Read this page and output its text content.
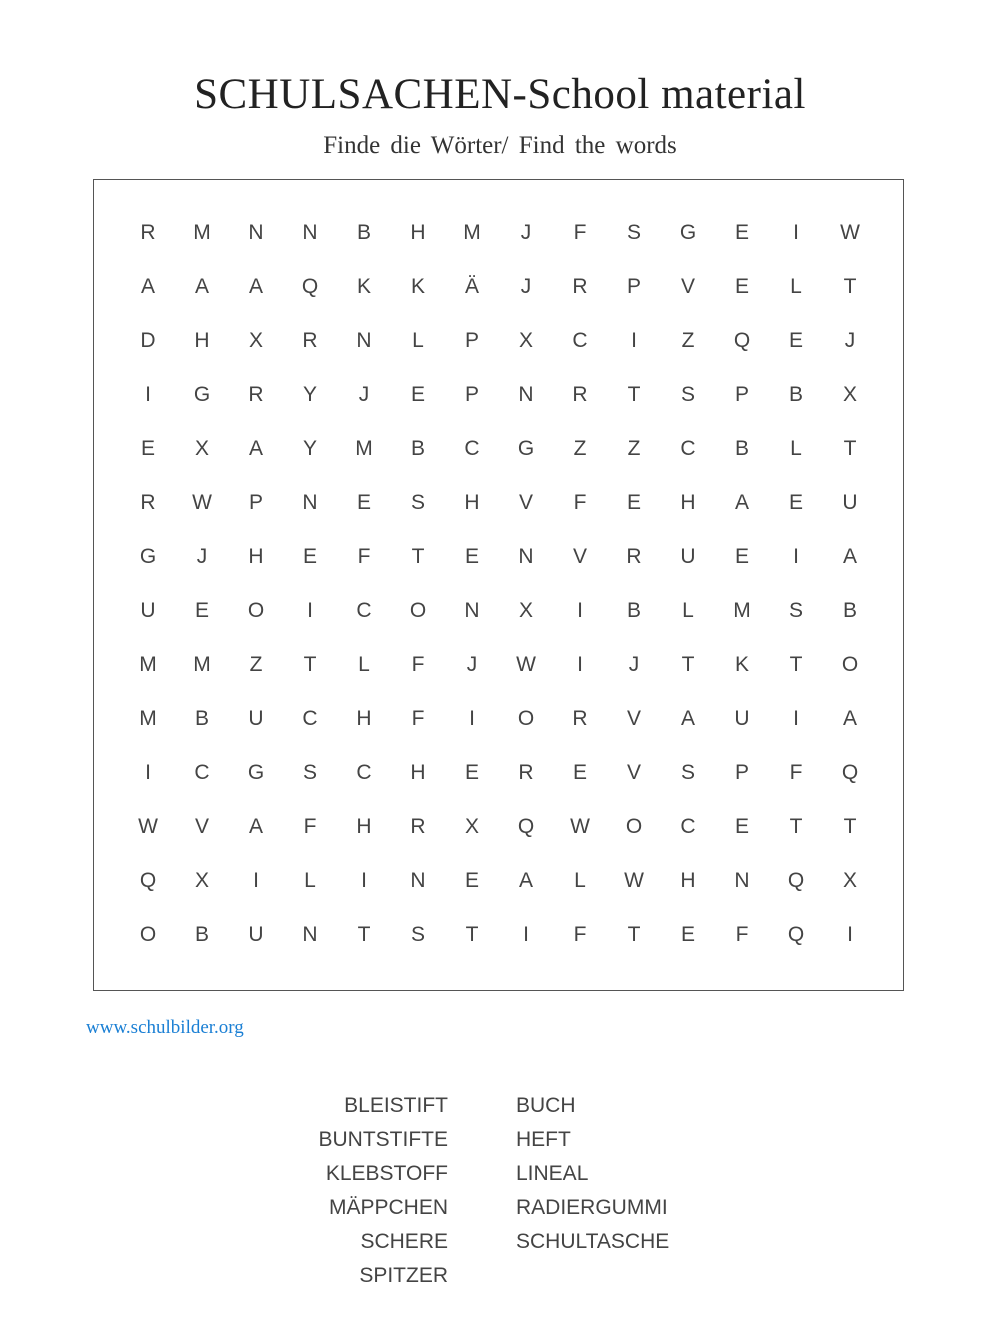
SCHULSACHEN-School material
Finde die Wörter/ Find the words
R	M	N	N	B	H	M	J	F	S	G	E	I	W
A	A	A	Q	K	K	Ä	J	R	P	V	E	L	T
D	H	X	R	N	L	P	X	C	I	Z	Q	E	J
I	G	R	Y	J	E	P	N	R	T	S	P	B	X
E	X	A	Y	M	B	C	G	Z	Z	C	B	L	T
R	W	P	N	E	S	H	V	F	E	H	A	E	U
G	J	H	E	F	T	E	N	V	R	U	E	I	A
U	E	O	I	C	O	N	X	I	B	L	M	S	B
M	M	Z	T	L	F	J	W	I	J	T	K	T	O
M	B	U	C	H	F	I	O	R	V	A	U	I	A
I	C	G	S	C	H	E	R	E	V	S	P	F	Q
W	V	A	F	H	R	X	Q	W	O	C	E	T	T
Q	X	I	L	I	N	E	A	L	W	H	N	Q	X
O	B	U	N	T	S	T	I	F	T	E	F	Q	I
www.schulbilder.org
BLEISTIFT
BUNTSTIFTE
KLEBSTOFF
MÄPPCHEN
SCHERE
SPITZER
BUCH
HEFT
LINEAL
RADIERGUMMI
SCHULTASCHE
